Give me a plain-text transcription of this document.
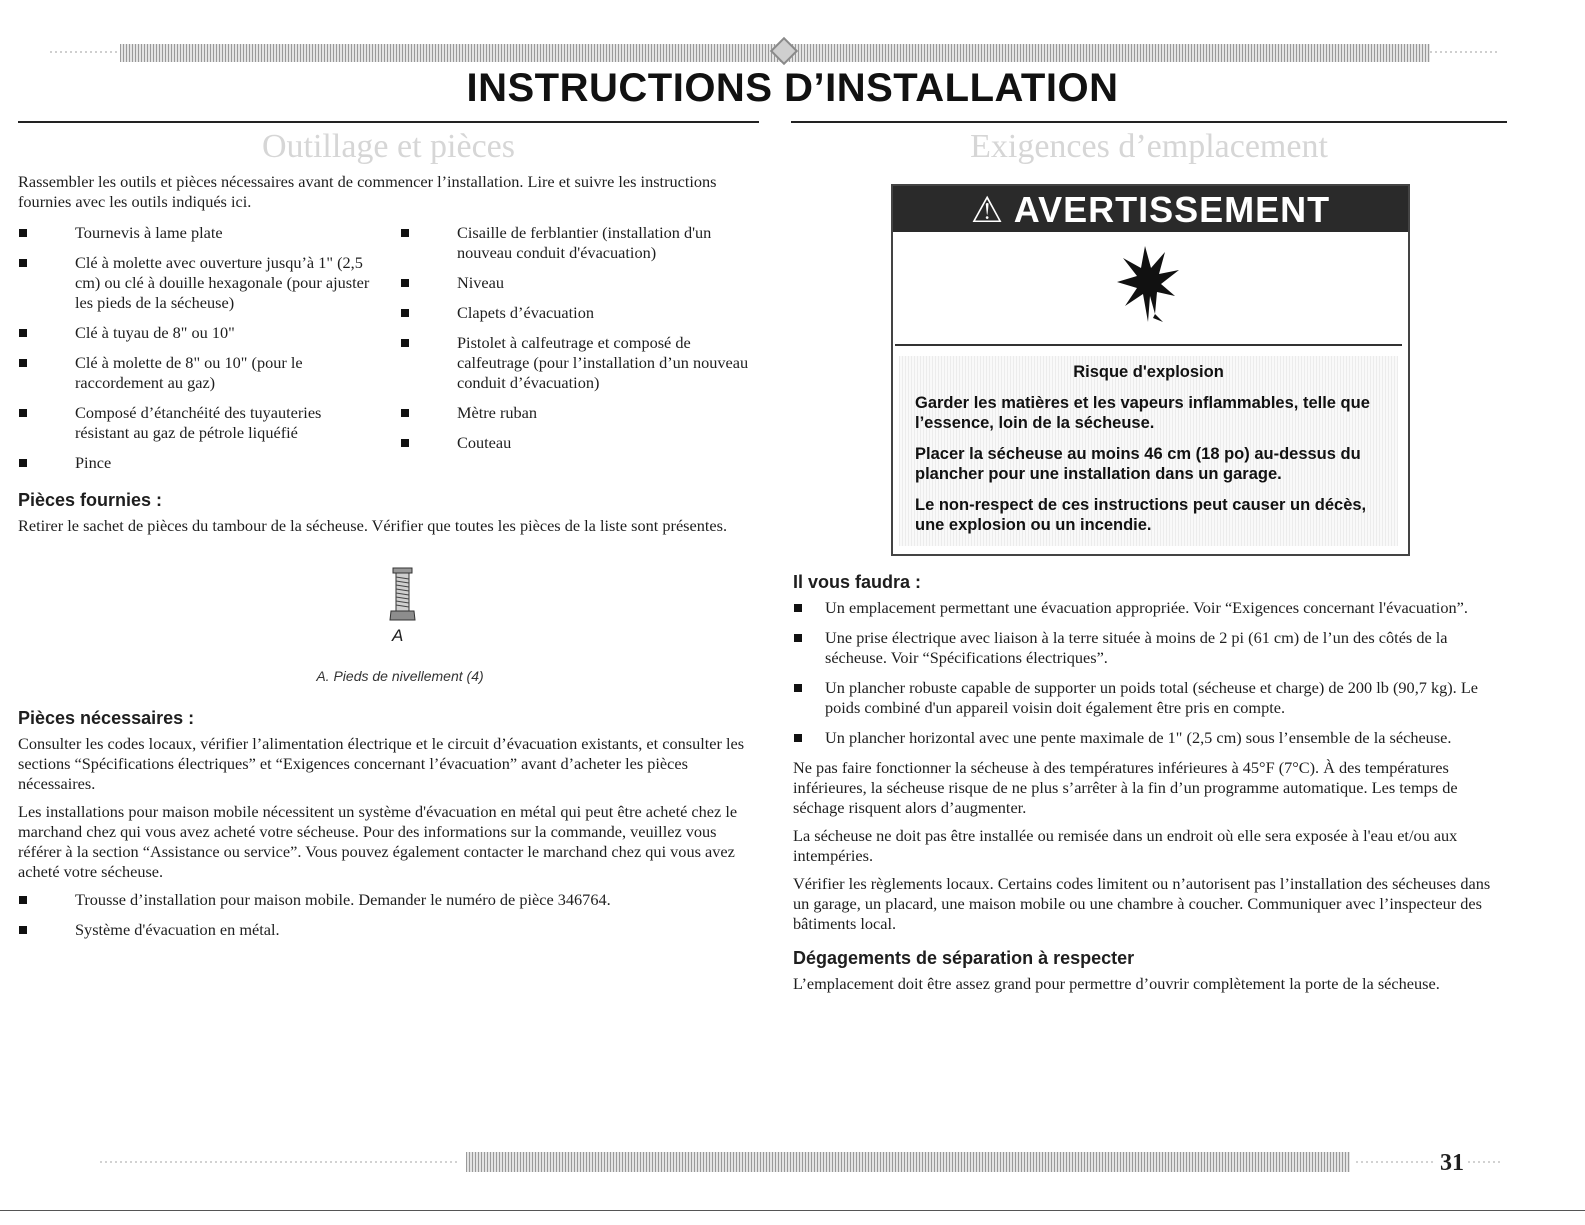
INSTRUCTIONS D’INSTALLATION
Outillage et pièces

Rassembler les outils et pièces nécessaires avant de commencer l’installation. Lire et suivre les instructions fournies avec les outils indiqués ici.

Tournevis à lame plate
Clé à molette avec ouverture jusqu’à 1" (2,5 cm) ou clé à douille hexagonale (pour ajuster les pieds de la sécheuse)
Clé à tuyau de 8" ou 10"
Clé à molette de 8" ou 10" (pour le raccordement au gaz)
Composé d’étanchéité des tuyauteries résistant au gaz de pétrole liquéfié
Pince
Cisaille de ferblantier (installation d'un nouveau conduit d'évacuation)
Niveau
Clapets d’évacuation
Pistolet à calfeutrage et composé de calfeutrage (pour l’installation d’un nouveau conduit d’évacuation)
Mètre ruban
Couteau
Pièces fournies :

Retirer le sachet de pièces du tambour de la sécheuse. Vérifier que toutes les pièces de la liste sont présentes.

A
A. Pieds de nivellement (4)
Pièces nécessaires :

Consulter les codes locaux, vérifier l’alimentation électrique et le circuit d’évacuation existants, et consulter les sections “Spécifications électriques” et “Exigences concernant l’évacuation” avant d’acheter les pièces nécessaires.

Les installations pour maison mobile nécessitent un système d'évacuation en métal qui peut être acheté chez le marchand chez qui vous avez acheté votre sécheuse. Pour des informations sur la commande, veuillez vous référer à la section “Assistance ou service”. Vous pouvez également contacter le marchand chez qui vous avez acheté votre sécheuse.

Trousse d’installation pour maison mobile. Demander le numéro de pièce 346764.
Système d'évacuation en métal.
Exigences d’emplacement
⚠ AVERTISSEMENT
Risque d'explosion

Garder les matières et les vapeurs inflammables, telle que l’essence, loin de la sécheuse.

Placer la sécheuse au moins 46 cm (18 po) au-dessus du plancher pour une installation dans un garage.

Le non-respect de ces instructions peut causer un décès, une explosion ou un incendie.

Il vous faudra :
Un emplacement permettant une évacuation appropriée. Voir “Exigences concernant l'évacuation”.
Une prise électrique avec liaison à la terre située à moins de 2 pi (61 cm) de l’un des côtés de la sécheuse. Voir “Spécifications électriques”.
Un plancher robuste capable de supporter un poids total (sécheuse et charge) de 200 lb (90,7 kg). Le poids combiné d'un appareil voisin doit également être pris en compte.
Un plancher horizontal avec une pente maximale de 1" (2,5 cm) sous l’ensemble de la sécheuse.

Ne pas faire fonctionner la sécheuse à des températures inférieures à 45°F (7°C). À des températures inférieures, la sécheuse risque de ne plus s’arrêter à la fin d’un programme automatique. Les temps de séchage risquent alors d’augmenter.

La sécheuse ne doit pas être installée ou remisée dans un endroit où elle sera exposée à l'eau et/ou aux intempéries.

Vérifier les règlements locaux. Certains codes limitent ou n’autorisent pas l’installation des sécheuses dans un garage, un placard, une maison mobile ou une chambre à coucher. Communiquer avec l’inspecteur des bâtiments local.

Dégagements de séparation à respecter

L’emplacement doit être assez grand pour permettre d’ouvrir complètement la porte de la sécheuse.

31
